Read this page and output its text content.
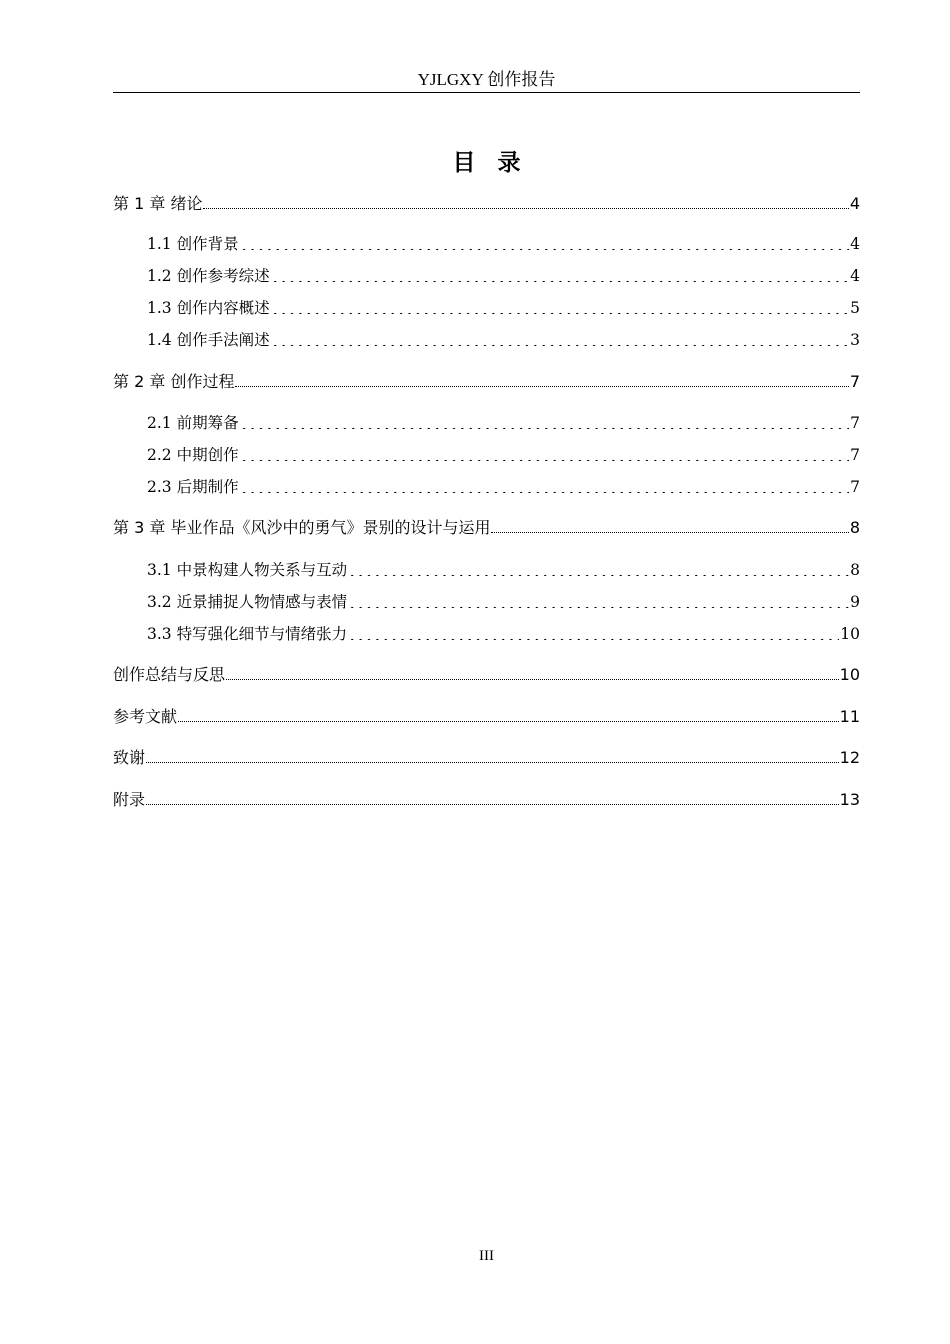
YJLGXY 创作报告
目录
第 1 章 绪论	4
1.1 创作背景	4
1.2 创作参考综述	4
1.3 创作内容概述	5
1.4 创作手法阐述	3
第 2 章 创作过程	7
2.1 前期筹备	7
2.2 中期创作	7
2.3 后期制作	7
第 3 章 毕业作品《风沙中的勇气》景别的设计与运用	8
3.1 中景构建人物关系与互动	8
3.2 近景捕捉人物情感与表情	9
3.3 特写强化细节与情绪张力	10
创作总结与反思	10
参考文献	11
致谢	12
附录	13
III
